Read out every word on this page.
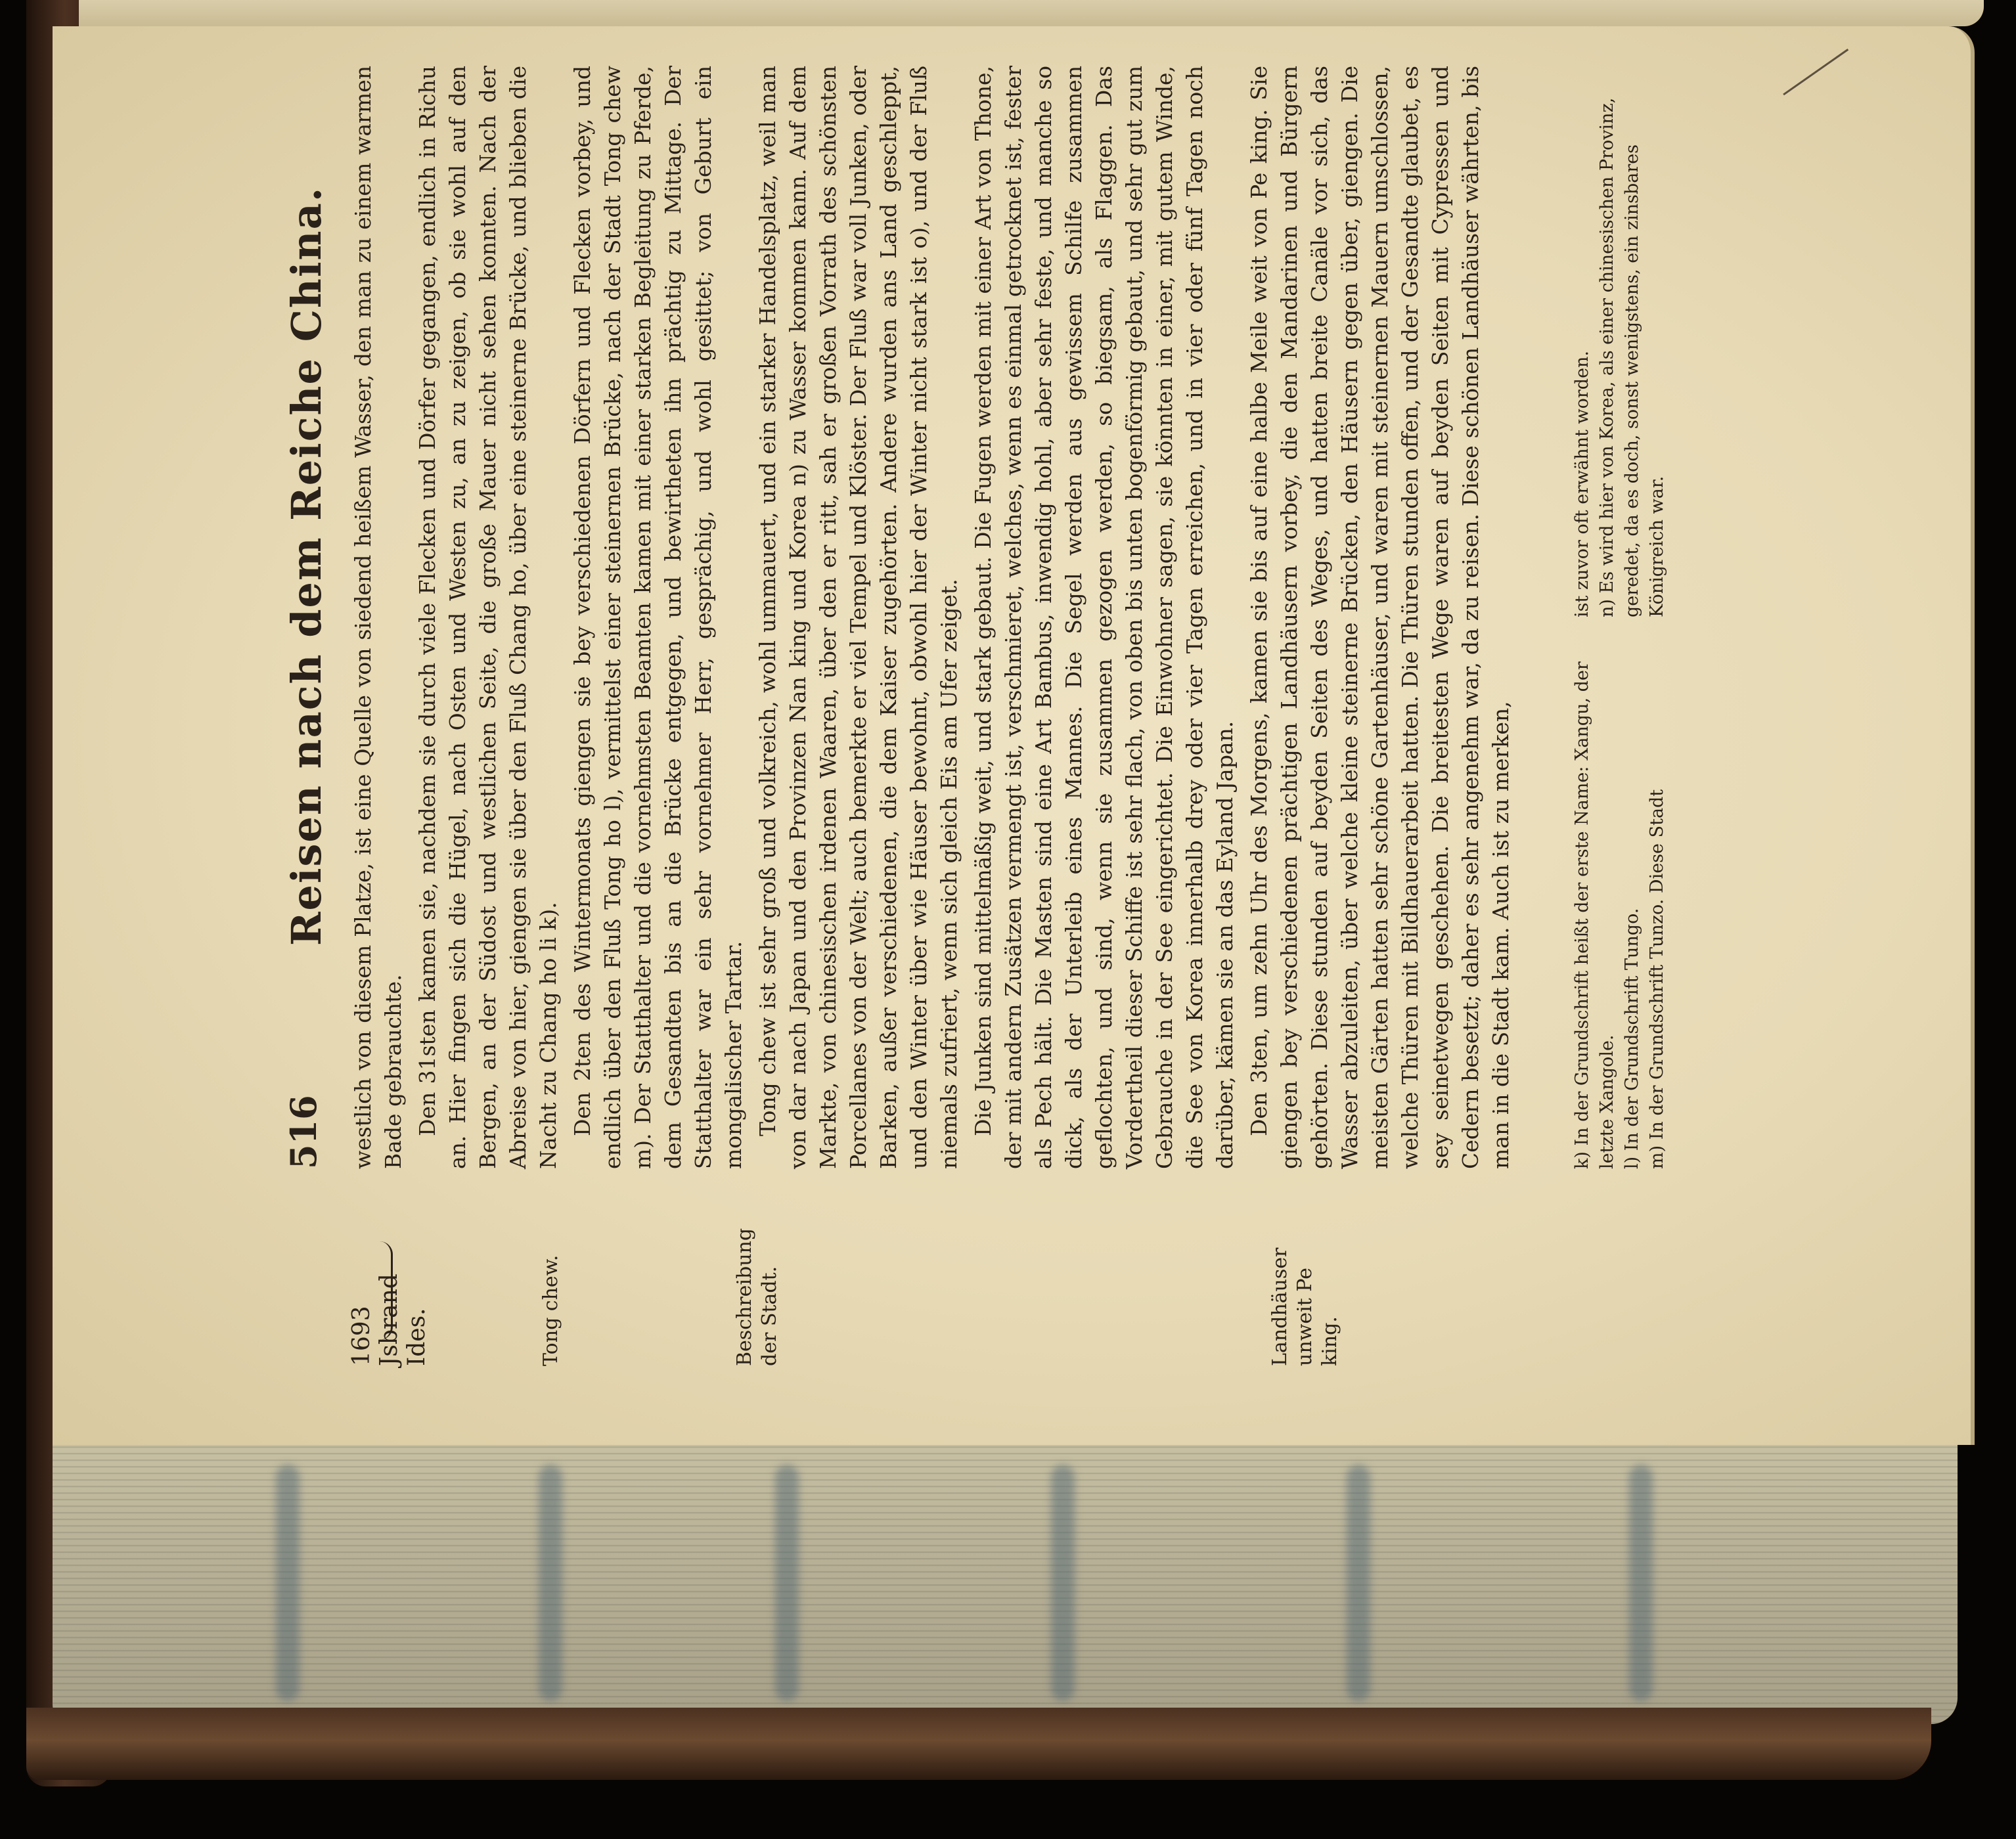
516
Reisen nach dem Reiche China.
1693 Jsbrand Ides.	Tong chew.	Beschreibung der Stadt.	Landhäuser unweit Pe king.

westlich von diesem Platze, ist eine Quelle von siedend heißem Wasser, den man zu einem warmen Bade gebrauchte. Den 31sten kamen sie, nachdem sie durch viele Flecken und Dörfer gegangen, endlich in Richu an. Hier fingen sich die Hügel, nach Osten und Westen zu, an zu zeigen, ob sie wohl auf den Bergen, an der Südost und westlichen Seite, die große Mauer nicht sehen konnten. Nach der Abreise von hier, giengen sie über den Fluß Chang ho, über eine steinerne Brücke, und blieben die Nacht zu Chang ho li k). Den 2ten des Wintermonats giengen sie bey verschiedenen Dörfern und Flecken vorbey, und endlich über den Fluß Tong ho l), vermittelst einer steinernen Brücke, nach der Stadt Tong chew m). Der Statthalter und die vornehmsten Beamten kamen mit einer starken Begleitung zu Pferde, dem Gesandten bis an die Brücke entgegen, und bewirtheten ihn prächtig zu Mittage. Der Statthalter war ein sehr vornehmer Herr, gesprächig, und wohl gesittet; von Geburt ein mongalischer Tartar. Tong chew ist sehr groß und volkreich, wohl ummauert, und ein starker Handelsplatz, weil man von dar nach Japan und den Provinzen Nan king und Korea n) zu Wasser kommen kann. Auf dem Markte, von chinesischen irdenen Waaren, über den er ritt, sah er großen Vorrath des schönsten Porcellanes von der Welt; auch bemerkte er viel Tempel und Klöster. Der Fluß war voll Junken, oder Barken, außer verschiedenen, die dem Kaiser zugehörten. Andere wurden ans Land geschleppt, und den Winter über wie Häuser bewohnt, obwohl hier der Winter nicht stark ist o), und der Fluß niemals zufriert, wenn sich gleich Eis am Ufer zeiget. Die Junken sind mittelmäßig weit, und stark gebaut. Die Fugen werden mit einer Art von Thone, der mit andern Zusätzen vermengt ist, verschmieret, welches, wenn es einmal getrocknet ist, fester als Pech hält. Die Masten sind eine Art Bambus, inwendig hohl, aber sehr feste, und manche so dick, als der Unterleib eines Mannes. Die Segel werden aus gewissem Schilfe zusammen geflochten, und sind, wenn sie zusammen gezogen werden, so biegsam, als Flaggen. Das Vordertheil dieser Schiffe ist sehr flach, von oben bis unten bogenförmig gebaut, und sehr gut zum Gebrauche in der See eingerichtet. Die Einwohner sagen, sie könnten in einer, mit gutem Winde, die See von Korea innerhalb drey oder vier Tagen erreichen, und in vier oder fünf Tagen noch darüber, kämen sie an das Eyland Japan. Den 3ten, um zehn Uhr des Morgens, kamen sie bis auf eine halbe Meile weit von Pe king. Sie giengen bey verschiedenen prächtigen Landhäusern vorbey, die den Mandarinen und Bürgern gehörten. Diese stunden auf beyden Seiten des Weges, und hatten breite Canäle vor sich, das Wasser abzuleiten, über welche kleine steinerne Brücken, den Häusern gegen über, giengen. Die meisten Gärten hatten sehr schöne Gartenhäuser, und waren mit steinernen Mauern umschlossen, welche Thüren mit Bildhauerarbeit hatten. Die Thüren stunden offen, und der Gesandte glaubet, es sey seinetwegen geschehen. Die breitesten Wege waren auf beyden Seiten mit Cypressen und Cedern besetzt; daher es sehr angenehm war, da zu reisen. Diese schönen Landhäuser währten, bis man in die Stadt kam. Auch ist zu merken,	k) In der Grundschrift heißt der erste Name: Xangu, der letzte Xangole. l) In der Grundschrift Tungo. m) In der Grundschrift Tunzo. Diese Stadt
ist zuvor oft erwähnt worden. n) Es wird hier von Korea, als einer chinesischen Provinz, geredet, da es doch, sonst wenigstens, ein zinsbares Königreich war.
